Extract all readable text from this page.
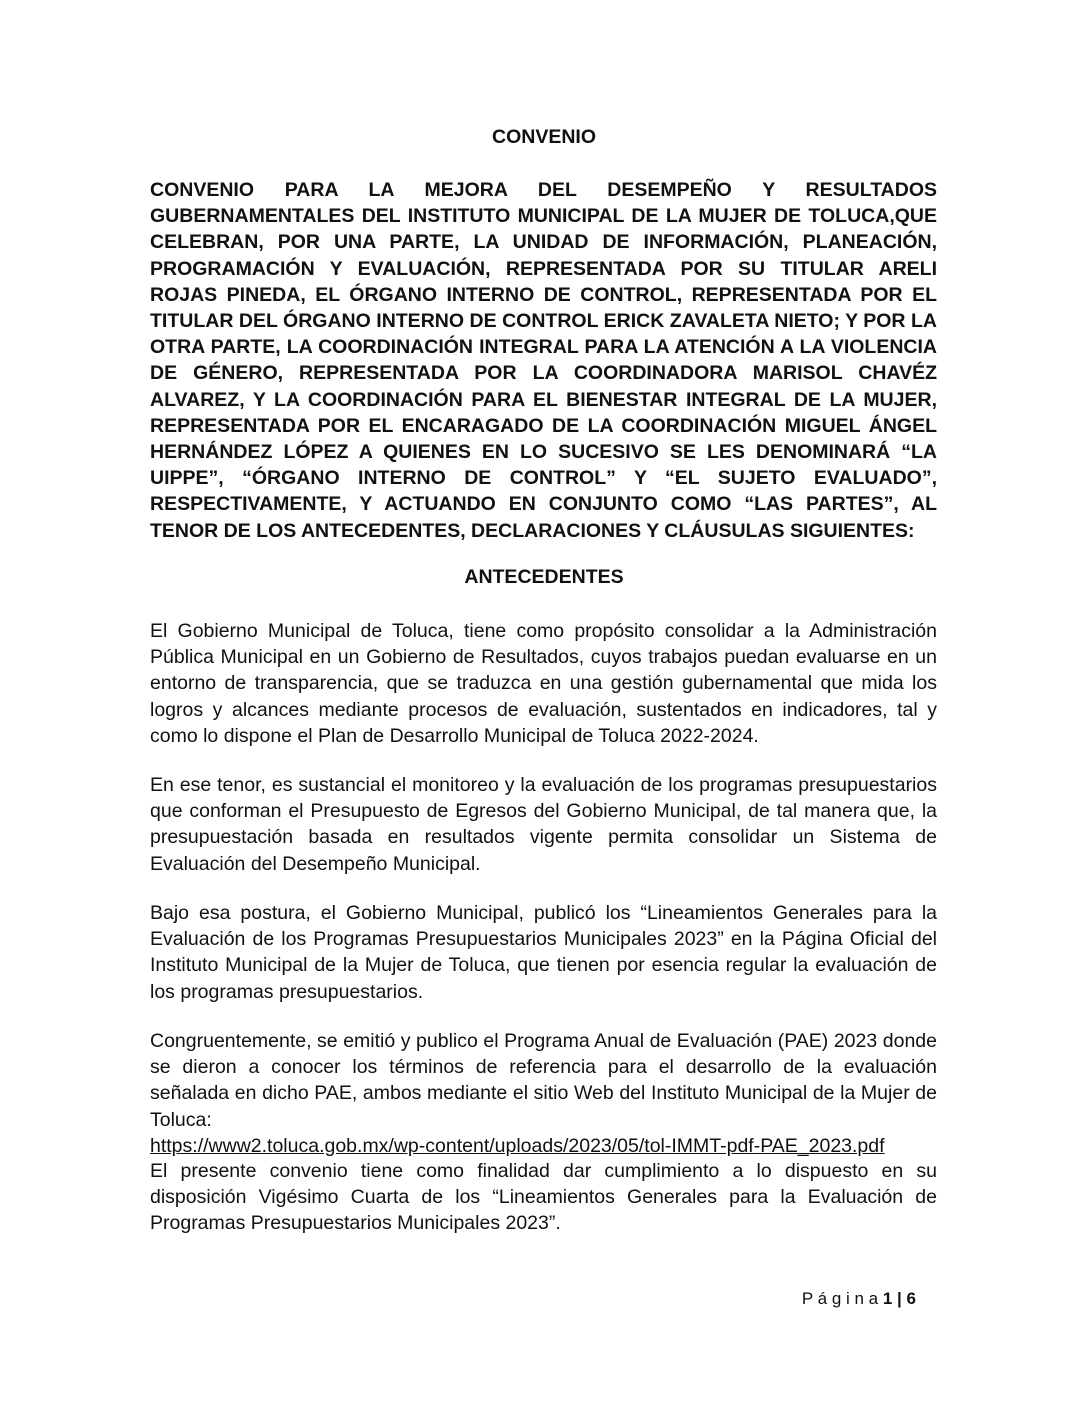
CONVENIO

CONVENIO PARA LA MEJORA DEL DESEMPEÑO Y RESULTADOS GUBERNAMENTALES DEL INSTITUTO MUNICIPAL DE LA MUJER DE TOLUCA,QUE CELEBRAN, POR UNA PARTE, LA UNIDAD DE INFORMACIÓN, PLANEACIÓN, PROGRAMACIÓN Y EVALUACIÓN, REPRESENTADA POR SU TITULAR ARELI ROJAS PINEDA, EL ÓRGANO INTERNO DE CONTROL, REPRESENTADA POR EL TITULAR DEL ÓRGANO INTERNO DE CONTROL ERICK ZAVALETA NIETO; Y POR LA OTRA PARTE, LA COORDINACIÓN INTEGRAL PARA LA ATENCIÓN A LA VIOLENCIA DE GÉNERO, REPRESENTADA POR LA COORDINADORA MARISOL CHAVÉZ ALVAREZ, Y LA COORDINACIÓN PARA EL BIENESTAR INTEGRAL DE LA MUJER, REPRESENTADA POR EL ENCARAGADO DE LA COORDINACIÓN MIGUEL ÁNGEL HERNÁNDEZ LÓPEZ A QUIENES EN LO SUCESIVO SE LES DENOMINARÁ “LA UIPPE”, “ÓRGANO INTERNO DE CONTROL” Y “EL SUJETO EVALUADO”, RESPECTIVAMENTE, Y ACTUANDO EN CONJUNTO COMO “LAS PARTES”, AL TENOR DE LOS ANTECEDENTES, DECLARACIONES Y CLÁUSULAS SIGUIENTES:

ANTECEDENTES

El Gobierno Municipal de Toluca, tiene como propósito consolidar a la Administración Pública Municipal en un Gobierno de Resultados, cuyos trabajos puedan evaluarse en un entorno de transparencia, que se traduzca en una gestión gubernamental que mida los logros y alcances mediante procesos de evaluación, sustentados en indicadores, tal y como lo dispone el Plan de Desarrollo Municipal de Toluca 2022-2024.

En ese tenor, es sustancial el monitoreo y la evaluación de los programas presupuestarios que conforman el Presupuesto de Egresos del Gobierno Municipal, de tal manera que, la presupuestación basada en resultados vigente permita consolidar un Sistema de Evaluación del Desempeño Municipal.

Bajo esa postura, el Gobierno Municipal, publicó los “Lineamientos Generales para la Evaluación de los Programas Presupuestarios Municipales 2023” en la Página Oficial del Instituto Municipal de la Mujer de Toluca, que tienen por esencia regular la evaluación de los programas presupuestarios.

Congruentemente, se emitió y publico el Programa Anual de Evaluación (PAE) 2023 donde se dieron a conocer los términos de referencia para el desarrollo de la evaluación señalada en dicho PAE, ambos mediante el sitio Web del Instituto Municipal de la Mujer de Toluca:
https://www2.toluca.gob.mx/wp-content/uploads/2023/05/tol-IMMT-pdf-PAE_2023.pdf

El presente convenio tiene como finalidad dar cumplimiento a lo dispuesto en su disposición Vigésimo Cuarta de los “Lineamientos Generales para la Evaluación de Programas Presupuestarios Municipales 2023”.

P á g i n a 1 | 6
